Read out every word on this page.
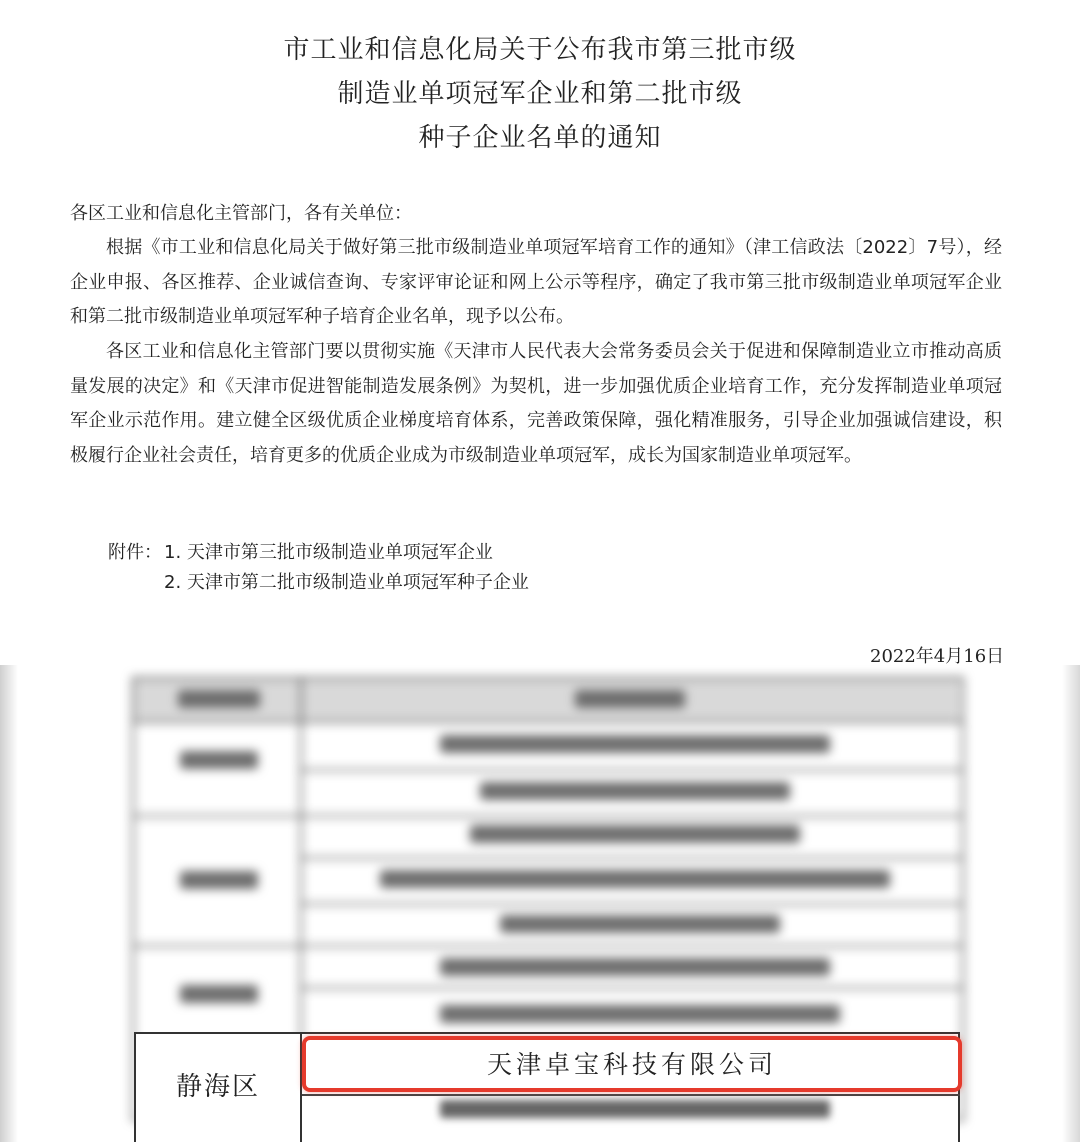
市工业和信息化局关于公布我市第三批市级
制造业单项冠军企业和第二批市级
种子企业名单的通知
各区工业和信息化主管部门，各有关单位：

根据《市工业和信息化局关于做好第三批市级制造业单项冠军培育工作的通知》（津工信政法〔2022〕7号），经企业申报、各区推荐、企业诚信查询、专家评审论证和网上公示等程序，确定了我市第三批市级制造业单项冠军企业和第二批市级制造业单项冠军种子培育企业名单，现予以公布。

各区工业和信息化主管部门要以贯彻实施《天津市人民代表大会常务委员会关于促进和保障制造业立市推动高质量发展的决定》和《天津市促进智能制造发展条例》为契机，进一步加强优质企业培育工作，充分发挥制造业单项冠军企业示范作用。建立健全区级优质企业梯度培育体系，完善政策保障，强化精准服务，引导企业加强诚信建设，积极履行企业社会责任，培育更多的优质企业成为市级制造业单项冠军，成长为国家制造业单项冠军。

附件： 1. 天津市第三批市级制造业单项冠军企业
2. 天津市第二批市级制造业单项冠军种子企业
2022年4月16日
静海区
天津卓宝科技有限公司
